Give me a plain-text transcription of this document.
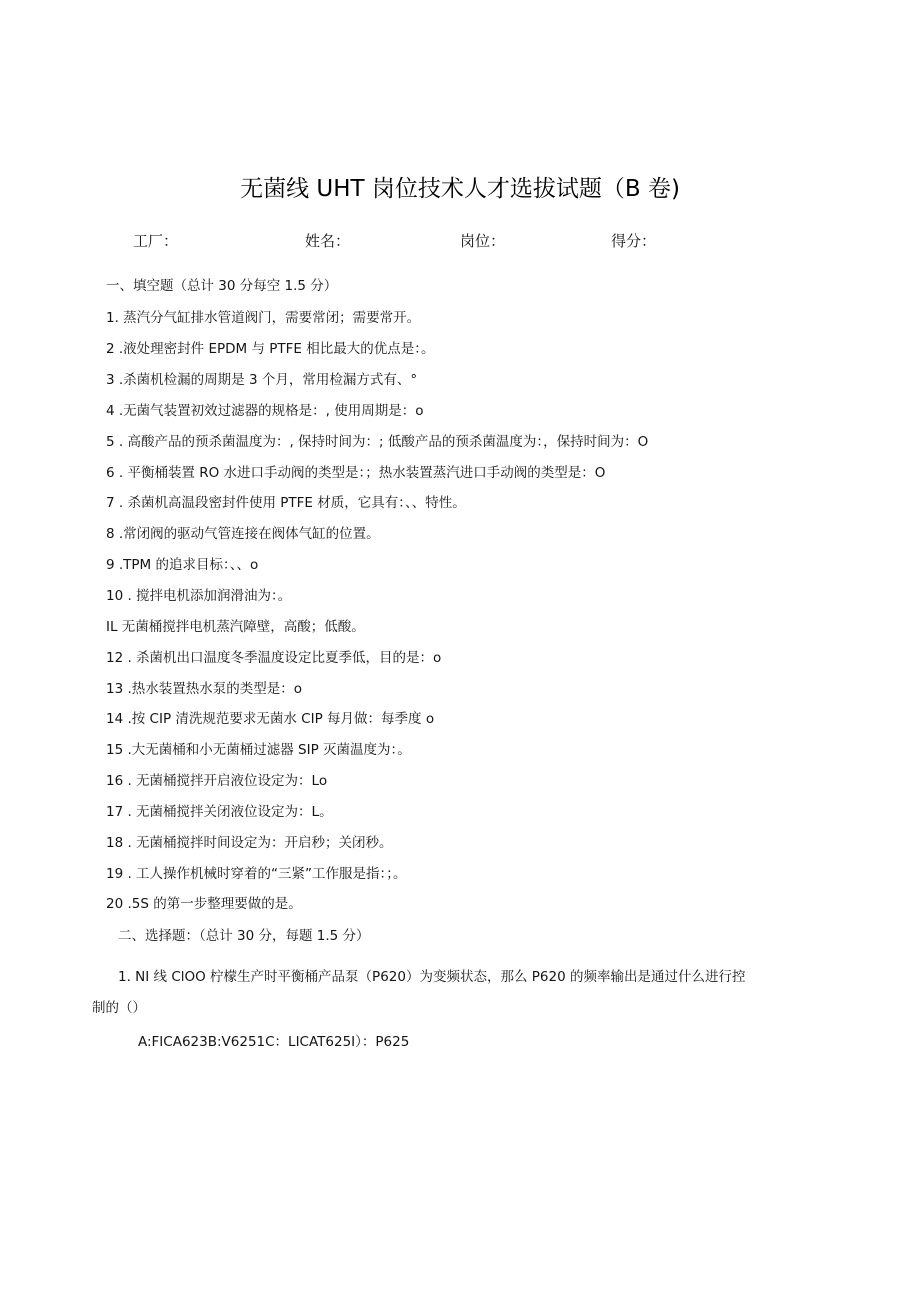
无菌线 UHT 岗位技术人才选拔试题（B 卷)
工厂：	姓名：	岗位：	得分：
一、填空题（总计 30 分每空 1.5 分）
1. 蒸汽分气缸排水管道阀门，需要常闭；需要常开。
2 .液处理密封件 EPDM 与 PTFE 相比最大的优点是：。
3 .杀菌机检漏的周期是 3 个月，常用检漏方式有、°
4 .无菌气装置初效过滤器的规格是：, 使用周期是：o
5 . 高酸产品的预杀菌温度为：, 保持时间为：; 低酸产品的预杀菌温度为：，保持时间为：O
6 . 平衡桶装置 RO 水进口手动阀的类型是：；热水装置蒸汽进口手动阀的类型是：O
7 . 杀菌机高温段密封件使用 PTFE 材质，它具有：、、特性。
8 .常闭阀的驱动气管连接在阀体气缸的位置。
9 .TPM 的追求目标：、、o
10 . 搅拌电机添加润滑油为：。
IL 无菌桶搅拌电机蒸汽障壁，高酸；低酸。
12 . 杀菌机出口温度冬季温度设定比夏季低，目的是：o
13 .热水装置热水泵的类型是：o
14 .按 CIP 清洗规范要求无菌水 CIP 每月做：每季度 o
15 .大无菌桶和小无菌桶过滤器 SIP 灭菌温度为：。
16 . 无菌桶搅拌开启液位设定为：Lo
17 . 无菌桶搅拌关闭液位设定为：L。
18 . 无菌桶搅拌时间设定为：开启秒；关闭秒。
19 . 工人操作机械时穿着的“三紧”工作服是指：；。
20 .5S 的第一步整理要做的是。
二、选择题：（总计 30 分，每题 1.5 分）
1. NI 线 ClOO 柠檬生产时平衡桶产品泵（P620）为变频状态，那么 P620 的频率输出是通过什么进行控
制的（）
A:FICA623B:V6251C：LICAT625I）：P625
